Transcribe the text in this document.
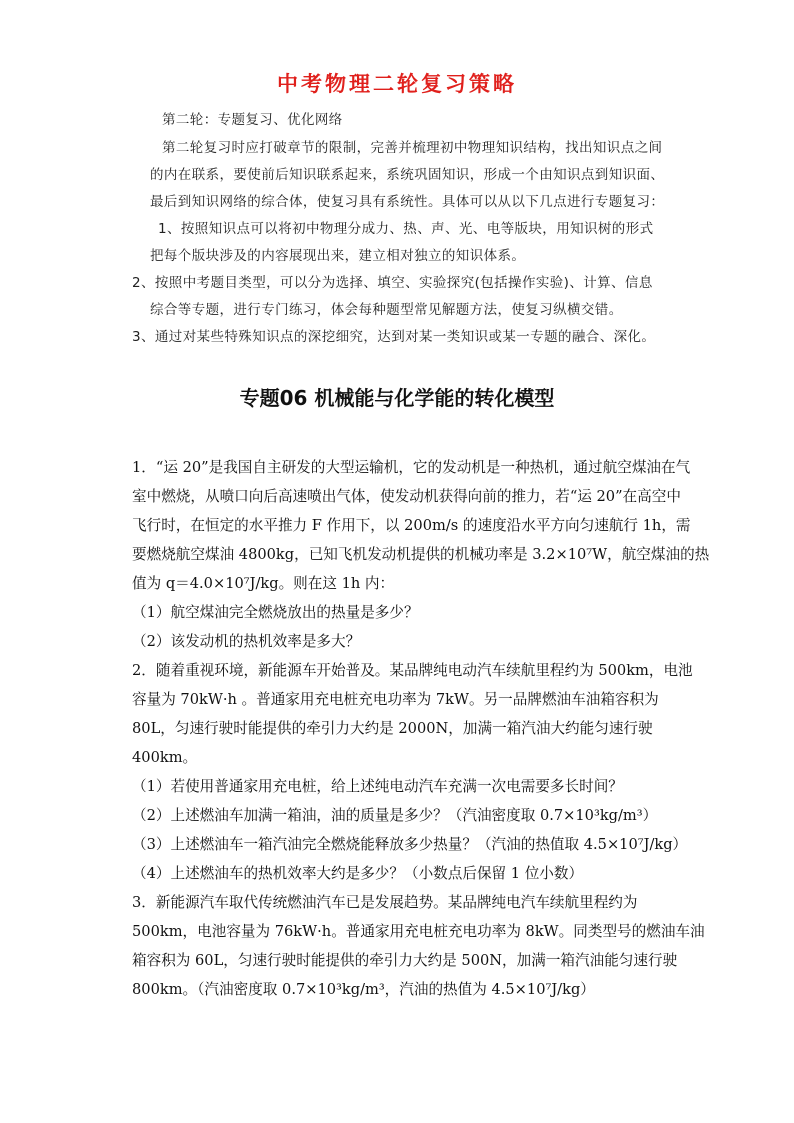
中考物理二轮复习策略
第二轮：专题复习、优化网络
第二轮复习时应打破章节的限制，完善并梳理初中物理知识结构，找出知识点之间
的内在联系，要使前后知识联系起来，系统巩固知识，形成一个由知识点到知识面、
最后到知识网络的综合体，使复习具有系统性。具体可以从以下几点进行专题复习：
1、按照知识点可以将初中物理分成力、热、声、光、电等版块，用知识树的形式
把每个版块涉及的内容展现出来，建立相对独立的知识体系。
2、按照中考题目类型，可以分为选择、填空、实验探究(包括操作实验)、计算、信息
综合等专题，进行专门练习，体会每种题型常见解题方法，使复习纵横交错。
3、通过对某些特殊知识点的深挖细究，达到对某一类知识或某一专题的融合、深化。
专题06 机械能与化学能的转化模型
1．“运 20”是我国自主研发的大型运输机，它的发动机是一种热机，通过航空煤油在气
室中燃烧，从喷口向后高速喷出气体，使发动机获得向前的推力，若“运 20”在高空中
飞行时，在恒定的水平推力 F 作用下，以 200m/s 的速度沿水平方向匀速航行 1h，需
要燃烧航空煤油 4800kg，已知飞机发动机提供的机械功率是 3.2×10⁷W，航空煤油的热
值为 q＝4.0×10⁷J/kg。则在这 1h 内：
（1）航空煤油完全燃烧放出的热量是多少？
（2）该发动机的热机效率是多大？
2．随着重视环境，新能源车开始普及。某品牌纯电动汽车续航里程约为 500km，电池
容量为 70kW·h 。普通家用充电桩充电功率为 7kW。另一品牌燃油车油箱容积为
80L，匀速行驶时能提供的牵引力大约是 2000N，加满一箱汽油大约能匀速行驶
400km。
（1）若使用普通家用充电桩，给上述纯电动汽车充满一次电需要多长时间？
（2）上述燃油车加满一箱油，油的质量是多少？（汽油密度取 0.7×10³kg/m³）
（3）上述燃油车一箱汽油完全燃烧能释放多少热量？（汽油的热值取 4.5×10⁷J/kg）
（4）上述燃油车的热机效率大约是多少？（小数点后保留 1 位小数）
3．新能源汽车取代传统燃油汽车已是发展趋势。某品牌纯电汽车续航里程约为
500km，电池容量为 76kW·h。普通家用充电桩充电功率为 8kW。同类型号的燃油车油
箱容积为 60L，匀速行驶时能提供的牵引力大约是 500N，加满一箱汽油能匀速行驶
800km。（汽油密度取 0.7×10³kg/m³，汽油的热值为 4.5×10⁷J/kg）
